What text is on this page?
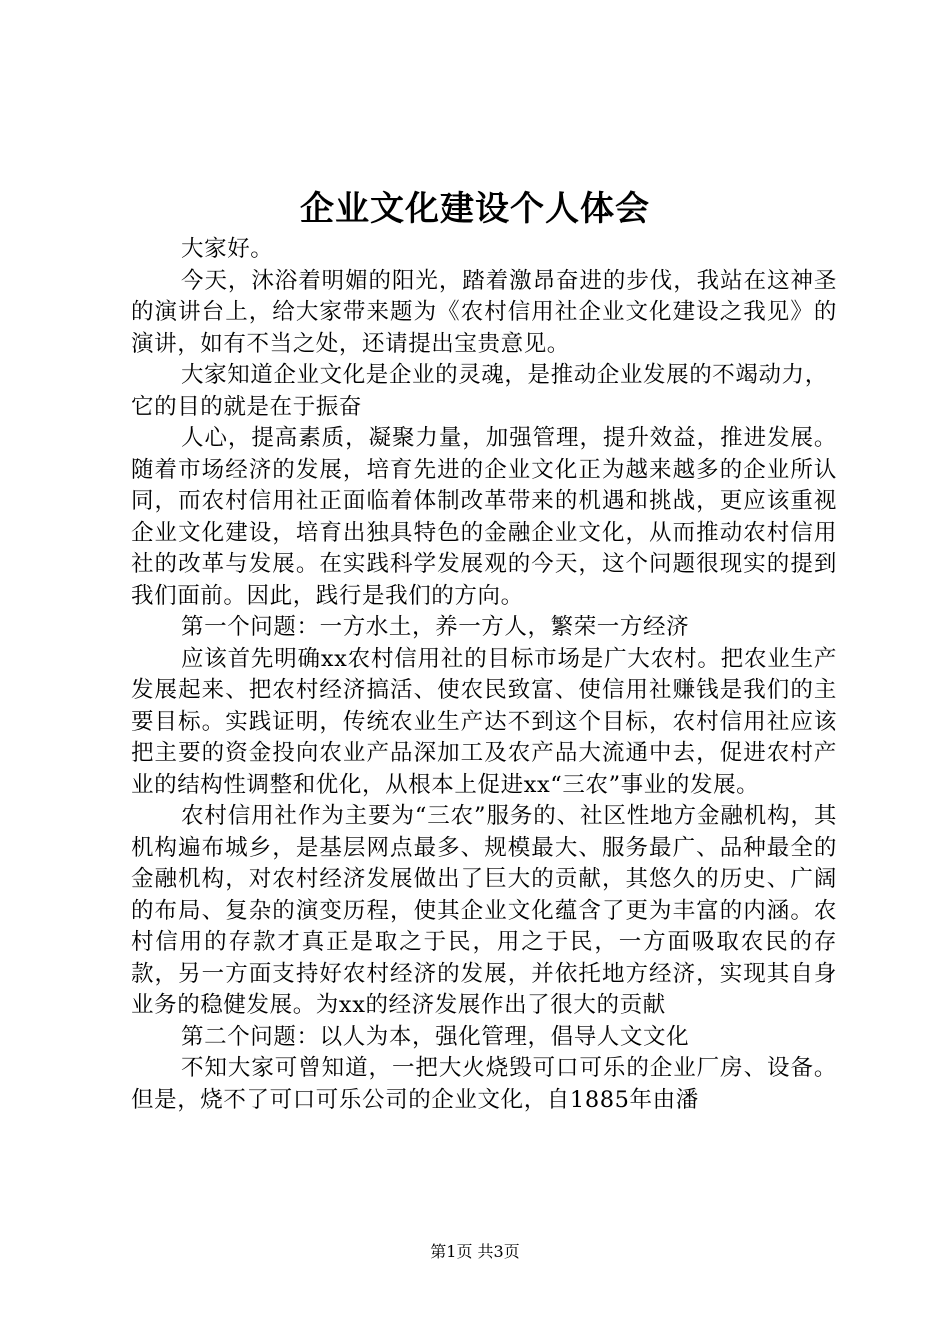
企业文化建设个人体会

大家好。

今天，沐浴着明媚的阳光，踏着激昂奋进的步伐，我站在这神圣的演讲台上，给大家带来题为《农村信用社企业文化建设之我见》的演讲，如有不当之处，还请提出宝贵意见。

大家知道企业文化是企业的灵魂，是推动企业发展的不竭动力，它的目的就是在于振奋

人心，提高素质，凝聚力量，加强管理，提升效益，推进发展。随着市场经济的发展，培育先进的企业文化正为越来越多的企业所认同，而农村信用社正面临着体制改革带来的机遇和挑战，更应该重视企业文化建设，培育出独具特色的金融企业文化，从而推动农村信用社的改革与发展。在实践科学发展观的今天，这个问题很现实的提到我们面前。因此，践行是我们的方向。

第一个问题：一方水土，养一方人，繁荣一方经济

应该首先明确xx农村信用社的目标市场是广大农村。把农业生产发展起来、把农村经济搞活、使农民致富、使信用社赚钱是我们的主要目标。实践证明，传统农业生产达不到这个目标，农村信用社应该把主要的资金投向农业产品深加工及农产品大流通中去，促进农村产业的结构性调整和优化，从根本上促进xx“三农”事业的发展。

农村信用社作为主要为“三农”服务的、社区性地方金融机构，其机构遍布城乡，是基层网点最多、规模最大、服务最广、品种最全的金融机构，对农村经济发展做出了巨大的贡献，其悠久的历史、广阔的布局、复杂的演变历程，使其企业文化蕴含了更为丰富的内涵。农村信用的存款才真正是取之于民，用之于民，一方面吸取农民的存款，另一方面支持好农村经济的发展，并依托地方经济，实现其自身业务的稳健发展。为xx的经济发展作出了很大的贡献

第二个问题：以人为本，强化管理，倡导人文文化

不知大家可曾知道，一把大火烧毁可口可乐的企业厂房、设备。但是，烧不了可口可乐公司的企业文化，自1885年由潘

第1页 共3页
